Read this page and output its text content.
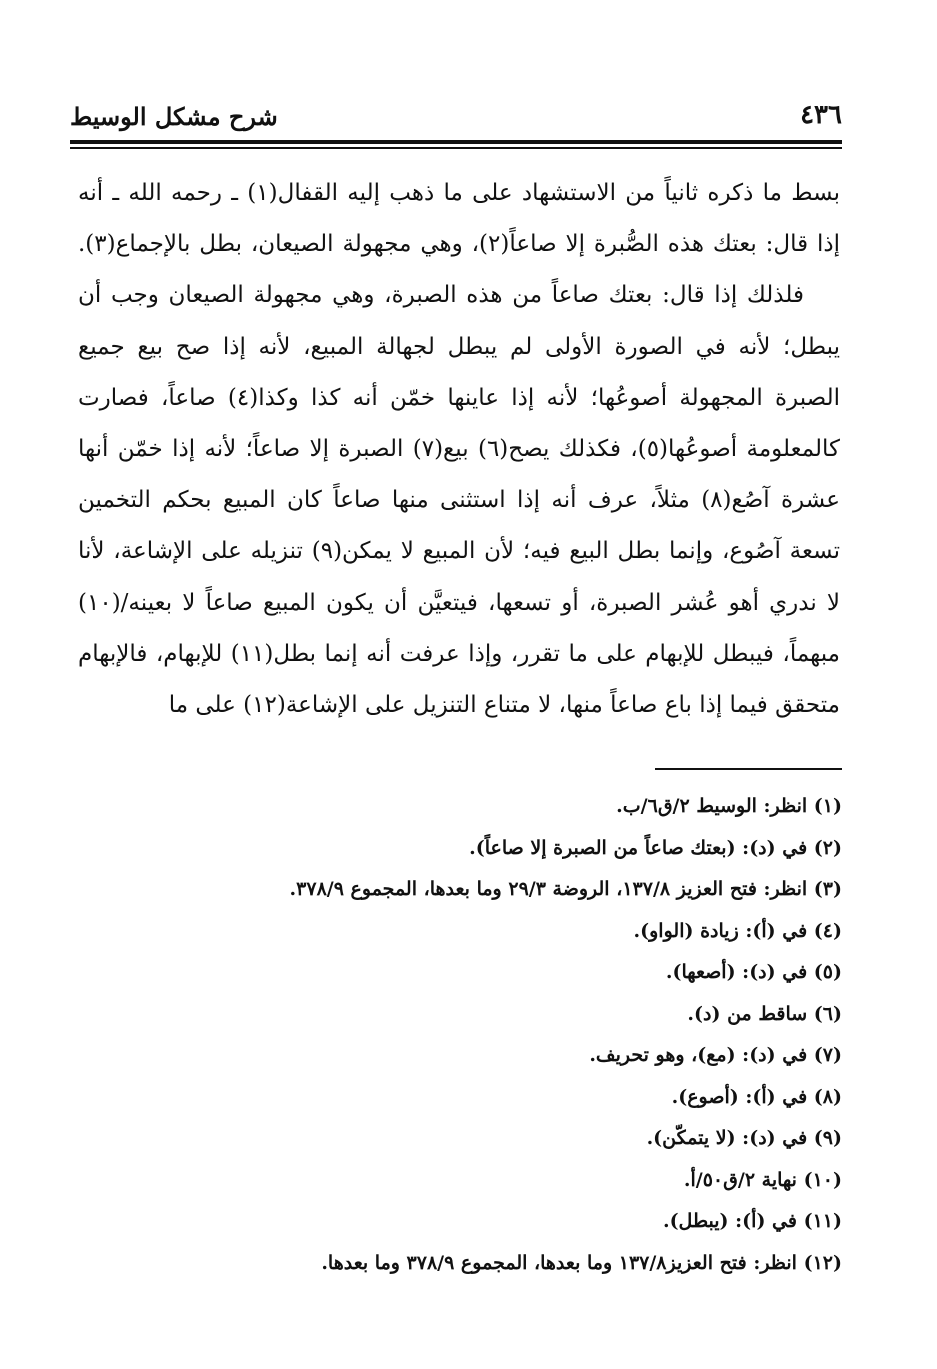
٤٣٦
شرح مشكل الوسيط

بسط ما ذكره ثانياً من الاستشهاد على ما ذهب إليه القفال(١) ـ رحمه الله ـ أنه إذا قال: بعتك هذه الصُّبرة إلا صاعاً(٢)، وهي مجهولة الصيعان، بطل بالإجماع(٣).

فلذلك إذا قال: بعتك صاعاً من هذه الصبرة، وهي مجهولة الصيعان وجب أن يبطل؛ لأنه في الصورة الأولى لم يبطل لجهالة المبيع، لأنه إذا صح بيع جميع الصبرة المجهولة أصوعُها؛ لأنه إذا عاينها خمّن أنه كذا وكذا(٤) صاعاً، فصارت كالمعلومة أصوعُها(٥)، فكذلك يصح(٦) بيع(٧) الصبرة إلا صاعاً؛ لأنه إذا خمّن أنها عشرة آصُع(٨) مثلاً، عرف أنه إذا استثنى منها صاعاً كان المبيع بحكم التخمين تسعة آصُوع، وإنما بطل البيع فيه؛ لأن المبيع لا يمكن(٩) تنزيله على الإشاعة، لأنا لا ندري أهو عُشر الصبرة، أو تسعها، فيتعيَّن أن يكون المبيع صاعاً لا بعينه/(١٠) مبهماً، فيبطل للإبهام على ما تقرر، وإذا عرفت أنه إنما بطل(١١) للإبهام، فالإبهام متحقق فيما إذا باع صاعاً منها، لا متناع التنزيل على الإشاعة(١٢) على ما

(١) انظر: الوسيط ٢/ق٦/ب.
(٢) في (د): (بعتك صاعاً من الصبرة إلا صاعاً).
(٣) انظر: فتح العزيز ١٣٧/٨، الروضة ٢٩/٣ وما بعدها، المجموع ٣٧٨/٩.
(٤) في (أ): زيادة (الواو).
(٥) في (د): (أصعها).
(٦) ساقط من (د).
(٧) في (د): (مع)، وهو تحريف.
(٨) في (أ): (أصوع).
(٩) في (د): (لا يتمكّن).
(١٠) نهاية ٢/ق٥٠/أ.
(١١) في (أ): (يبطل).
(١٢) انظر: فتح العزيز١٣٧/٨ وما بعدها، المجموع ٣٧٨/٩ وما بعدها.
